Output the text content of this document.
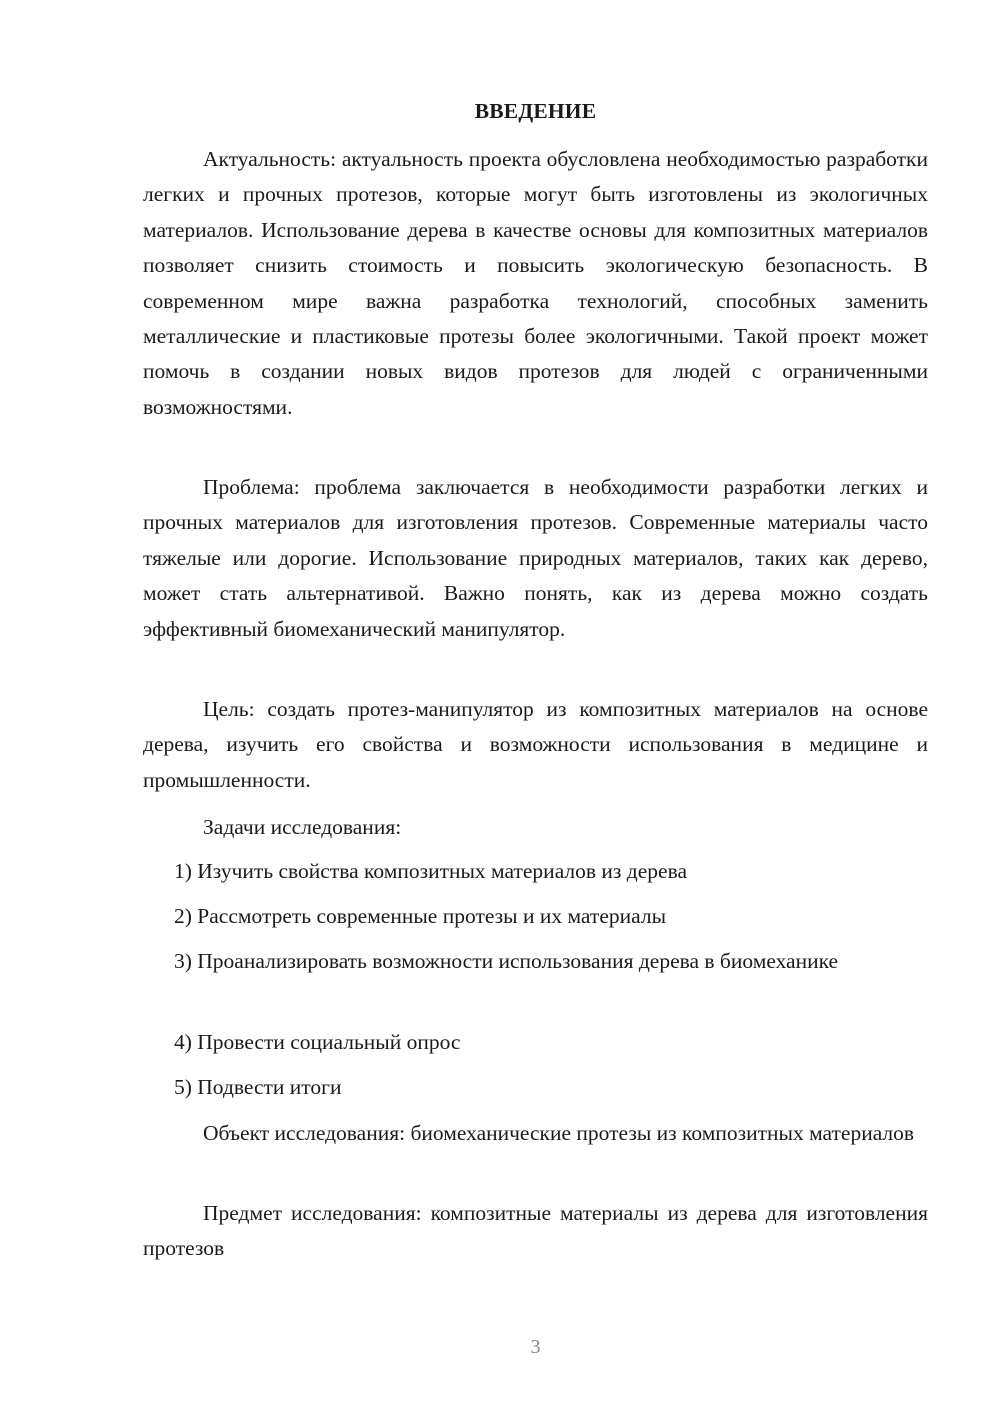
ВВЕДЕНИЕ

Актуальность: актуальность проекта обусловлена необходимостью разработки легких и прочных протезов, которые могут быть изготовлены из экологичных материалов. Использование дерева в качестве основы для композитных материалов позволяет снизить стоимость и повысить экологическую безопасность. В современном мире важна разработка технологий, способных заменить металлические и пластиковые протезы более экологичными. Такой проект может помочь в создании новых видов протезов для людей с ограниченными возможностями.

Проблема: проблема заключается в необходимости разработки легких и прочных материалов для изготовления протезов. Современные материалы часто тяжелые или дорогие. Использование природных материалов, таких как дерево, может стать альтернативой. Важно понять, как из дерева можно создать эффективный биомеханический манипулятор.

Цель: создать протез-манипулятор из композитных материалов на основе дерева, изучить его свойства и возможности использования в медицине и промышленности.

Задачи исследования:

1) Изучить свойства композитных материалов из дерева

2) Рассмотреть современные протезы и их материалы

3) Проанализировать возможности использования дерева в биомеханике

4) Провести социальный опрос

5) Подвести итоги

Объект исследования: биомеханические протезы из композитных материалов

Предмет исследования: композитные материалы из дерева для изготовления протезов

3
